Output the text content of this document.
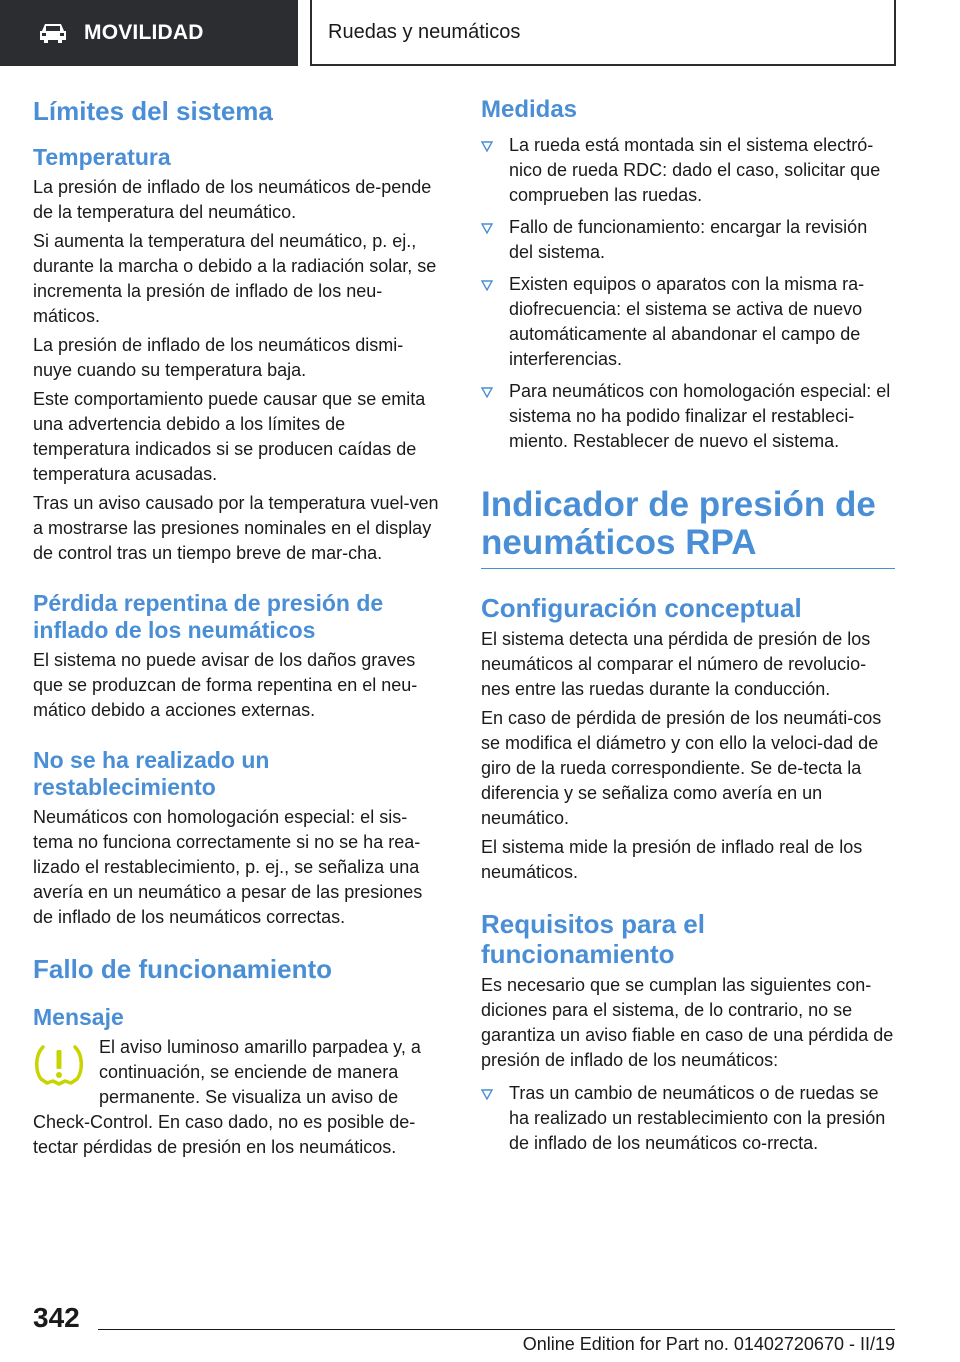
MOVILIDAD	Ruedas y neumáticos
Límites del sistema
Temperatura

La presión de inflado de los neumáticos de-pende de la temperatura del neumático.

Si aumenta la temperatura del neumático, p. ej., durante la marcha o debido a la radiación solar, se incrementa la presión de inflado de los neu-máticos.

La presión de inflado de los neumáticos dismi-nuye cuando su temperatura baja.

Este comportamiento puede causar que se emita una advertencia debido a los límites de temperatura indicados si se producen caídas de temperatura acusadas.

Tras un aviso causado por la temperatura vuel-ven a mostrarse las presiones nominales en el display de control tras un tiempo breve de mar-cha.

Pérdida repentina de presión de inflado de los neumáticos

El sistema no puede avisar de los daños graves que se produzcan de forma repentina en el neu-mático debido a acciones externas.

No se ha realizado un restablecimiento

Neumáticos con homologación especial: el sis-tema no funciona correctamente si no se ha rea-lizado el restablecimiento, p. ej., se señaliza una avería en un neumático a pesar de las presiones de inflado de los neumáticos correctas.

Fallo de funcionamiento
Mensaje

El aviso luminoso amarillo parpadea y, a continuación, se enciende de manera permanente. Se visualiza un aviso de

Check-Control. En caso dado, no es posible de-tectar pérdidas de presión en los neumáticos.

Medidas
La rueda está montada sin el sistema electró-nico de rueda RDC: dado el caso, solicitar que comprueben las ruedas.
Fallo de funcionamiento: encargar la revisión del sistema.
Existen equipos o aparatos con la misma ra-diofrecuencia: el sistema se activa de nuevo automáticamente al abandonar el campo de interferencias.
Para neumáticos con homologación especial: el sistema no ha podido finalizar el restableci-miento. Restablecer de nuevo el sistema.
Indicador de presión de neumáticos RPA
Configuración conceptual

El sistema detecta una pérdida de presión de los neumáticos al comparar el número de revolucio-nes entre las ruedas durante la conducción.

En caso de pérdida de presión de los neumáti-cos se modifica el diámetro y con ello la veloci-dad de giro de la rueda correspondiente. Se de-tecta la diferencia y se señaliza como avería en un neumático.

El sistema mide la presión de inflado real de los neumáticos.

Requisitos para el funcionamiento

Es necesario que se cumplan las siguientes con-diciones para el sistema, de lo contrario, no se garantiza un aviso fiable en caso de una pérdida de presión de inflado de los neumáticos:

Tras un cambio de neumáticos o de ruedas se ha realizado un restablecimiento con la presión de inflado de los neumáticos co-rrecta.
342
Online Edition for Part no. 01402720670 - II/19
